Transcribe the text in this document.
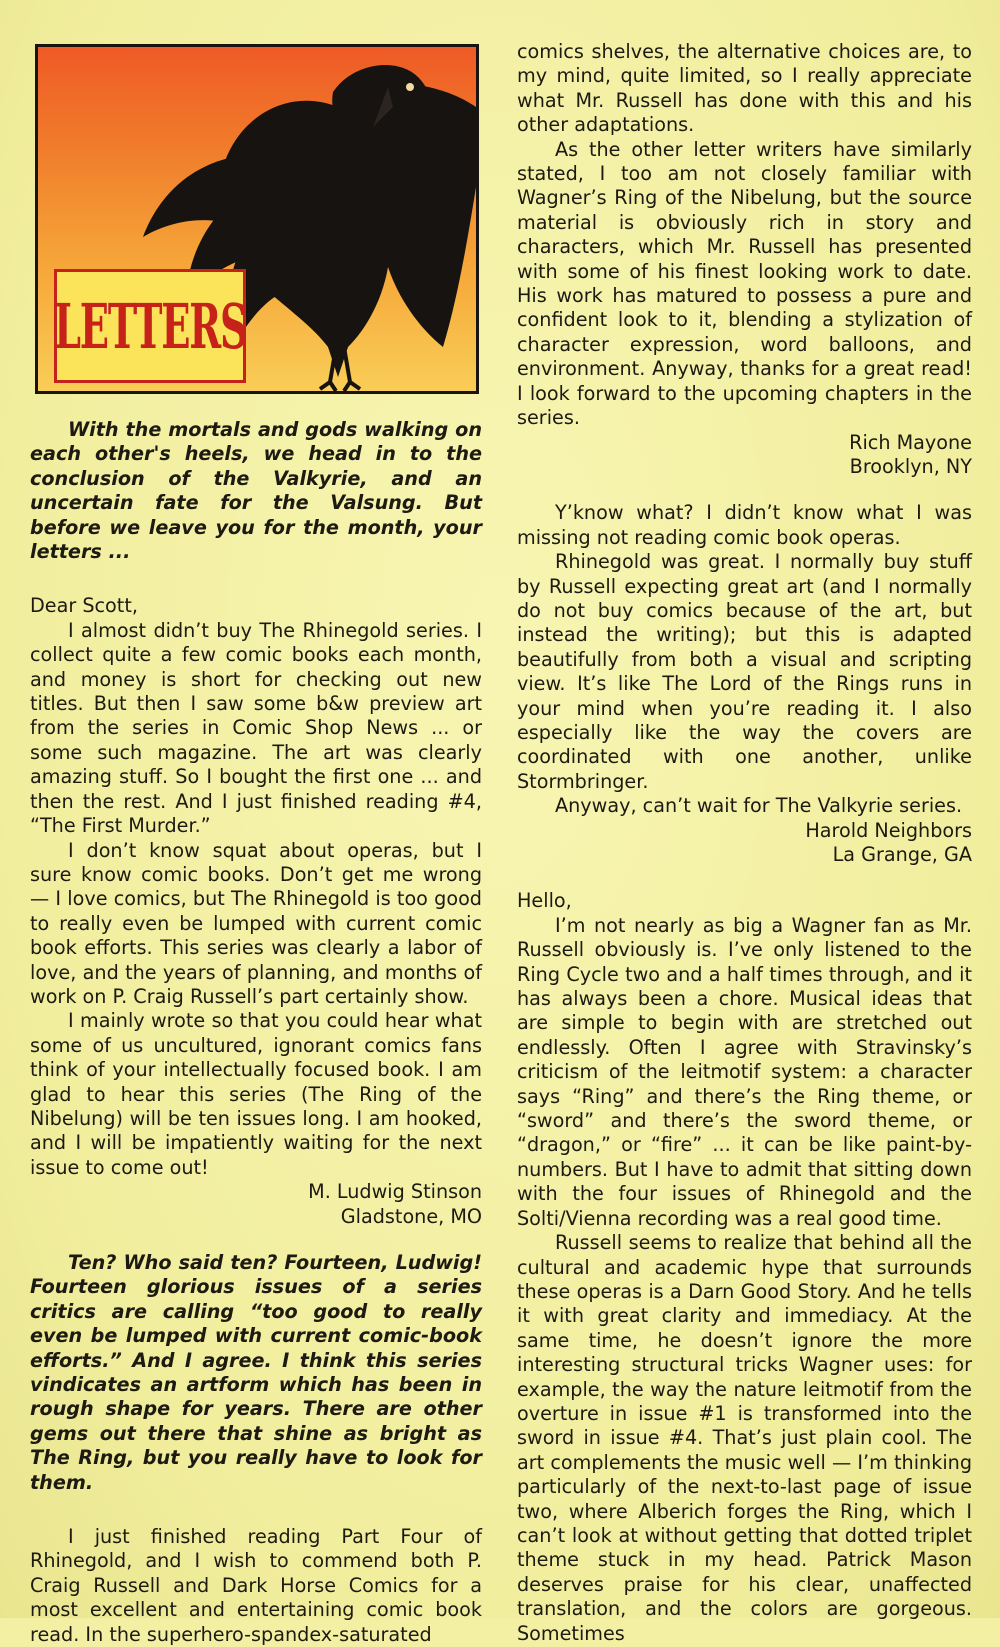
LETTERS

With the mortals and gods walking on each other's heels, we head in to the conclusion of the Valkyrie, and an uncertain fate for the Valsung. But before we leave you for the month, your letters ...

Dear Scott,

I almost didn’t buy The Rhinegold series. I collect quite a few comic books each month, and money is short for checking out new titles. But then I saw some b&w preview art from the series in Comic Shop News ... or some such magazine. The art was clearly amazing stuff. So I bought the first one ... and then the rest. And I just finished reading #4, “The First Murder.”

I don’t know squat about operas, but I sure know comic books. Don’t get me wrong — I love comics, but The Rhinegold is too good to really even be lumped with current comic book efforts. This series was clearly a labor of love, and the years of planning, and months of work on P. Craig Russell’s part certainly show.

I mainly wrote so that you could hear what some of us uncultured, ignorant comics fans think of your intellectually focused book. I am glad to hear this series (The Ring of the Nibelung) will be ten issues long. I am hooked, and I will be impatiently waiting for the next issue to come out!

M. Ludwig Stinson

Gladstone, MO

Ten? Who said ten? Fourteen, Ludwig! Fourteen glorious issues of a series critics are calling “too good to really even be lumped with current comic-book efforts.” And I agree. I think this series vindicates an artform which has been in rough shape for years. There are other gems out there that shine as bright as The Ring, but you really have to look for them.

I just finished reading Part Four of Rhinegold, and I wish to commend both P. Craig Russell and Dark Horse Comics for a most excellent and entertaining comic book read. In the superhero-spandex-saturated

comics shelves, the alternative choices are, to my mind, quite limited, so I really appreciate what Mr. Russell has done with this and his other adaptations.

As the other letter writers have similarly stated, I too am not closely familiar with Wagner’s Ring of the Nibelung, but the source material is obviously rich in story and characters, which Mr. Russell has presented with some of his finest looking work to date. His work has matured to possess a pure and confident look to it, blending a stylization of character expression, word balloons, and environment. Anyway, thanks for a great read! I look forward to the upcoming chapters in the series.

Rich Mayone

Brooklyn, NY

Y’know what? I didn’t know what I was missing not reading comic book operas.

Rhinegold was great. I normally buy stuff by Russell expecting great art (and I normally do not buy comics because of the art, but instead the writing); but this is adapted beautifully from both a visual and scripting view. It’s like The Lord of the Rings runs in your mind when you’re reading it. I also especially like the way the covers are coordinated with one another, unlike Stormbringer.

Anyway, can’t wait for The Valkyrie series.

Harold Neighbors

La Grange, GA

Hello,

I’m not nearly as big a Wagner fan as Mr. Russell obviously is. I’ve only listened to the Ring Cycle two and a half times through, and it has always been a chore. Musical ideas that are simple to begin with are stretched out endlessly. Often I agree with Stravinsky’s criticism of the leitmotif system: a character says “Ring” and there’s the Ring theme, or “sword” and there’s the sword theme, or “dragon,” or “fire” ... it can be like paint-by-numbers. But I have to admit that sitting down with the four issues of Rhinegold and the Solti/Vienna recording was a real good time.

Russell seems to realize that behind all the cultural and academic hype that surrounds these operas is a Darn Good Story. And he tells it with great clarity and immediacy. At the same time, he doesn’t ignore the more interesting structural tricks Wagner uses: for example, the way the nature leitmotif from the overture in issue #1 is transformed into the sword in issue #4. That’s just plain cool. The art complements the music well — I’m thinking particularly of the next-to-last page of issue two, where Alberich forges the Ring, which I can’t look at without getting that dotted triplet theme stuck in my head. Patrick Mason deserves praise for his clear, unaffected translation, and the colors are gorgeous. Sometimes
